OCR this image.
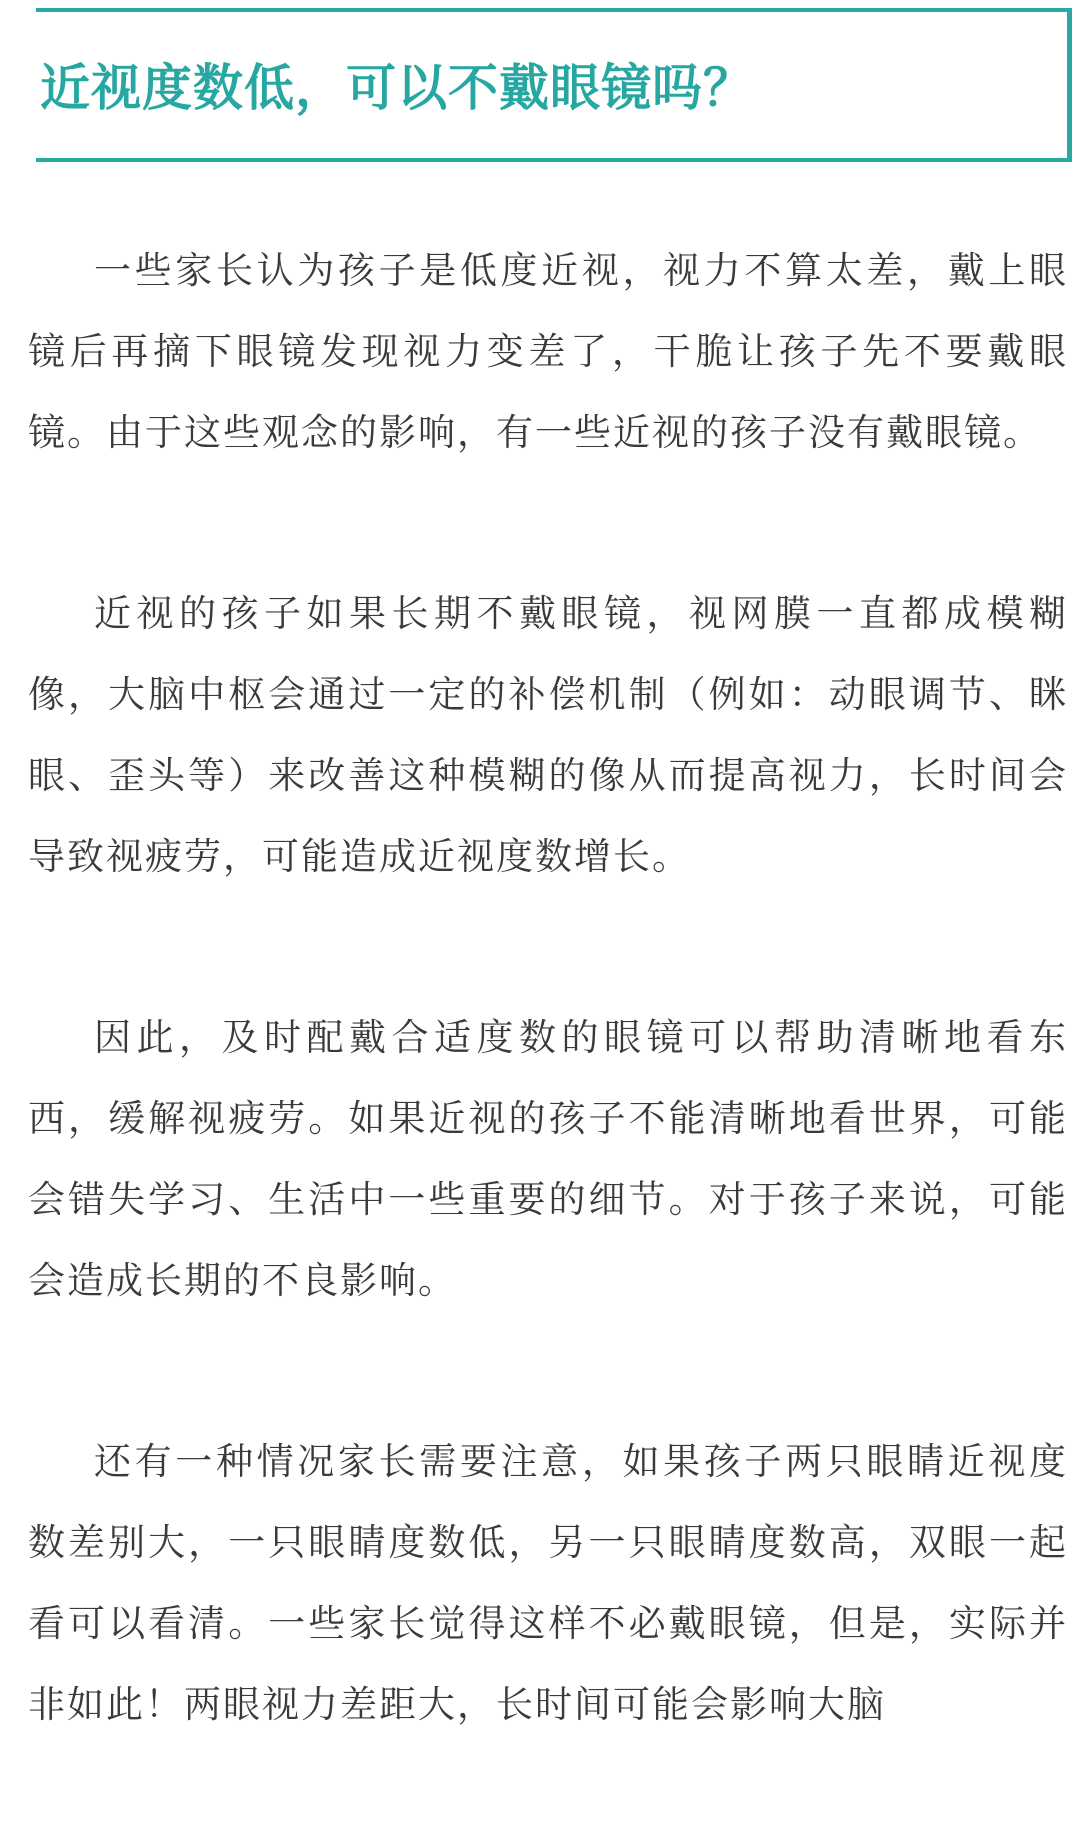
近视度数低，可以不戴眼镜吗？

一些家长认为孩子是低度近视，视力不算太差，戴上眼镜后再摘下眼镜发现视力变差了，干脆让孩子先不要戴眼镜。由于这些观念的影响，有一些近视的孩子没有戴眼镜。

近视的孩子如果长期不戴眼镜，视网膜一直都成模糊像，大脑中枢会通过一定的补偿机制（例如：动眼调节、眯眼、歪头等）来改善这种模糊的像从而提高视力，长时间会导致视疲劳，可能造成近视度数增长。

因此，及时配戴合适度数的眼镜可以帮助清晰地看东西，缓解视疲劳。如果近视的孩子不能清晰地看世界，可能会错失学习、生活中一些重要的细节。对于孩子来说，可能会造成长期的不良影响。

还有一种情况家长需要注意，如果孩子两只眼睛近视度数差别大，一只眼睛度数低，另一只眼睛度数高，双眼一起看可以看清。一些家长觉得这样不必戴眼镜，但是，实际并非如此！两眼视力差距大，长时间可能会影响大脑
